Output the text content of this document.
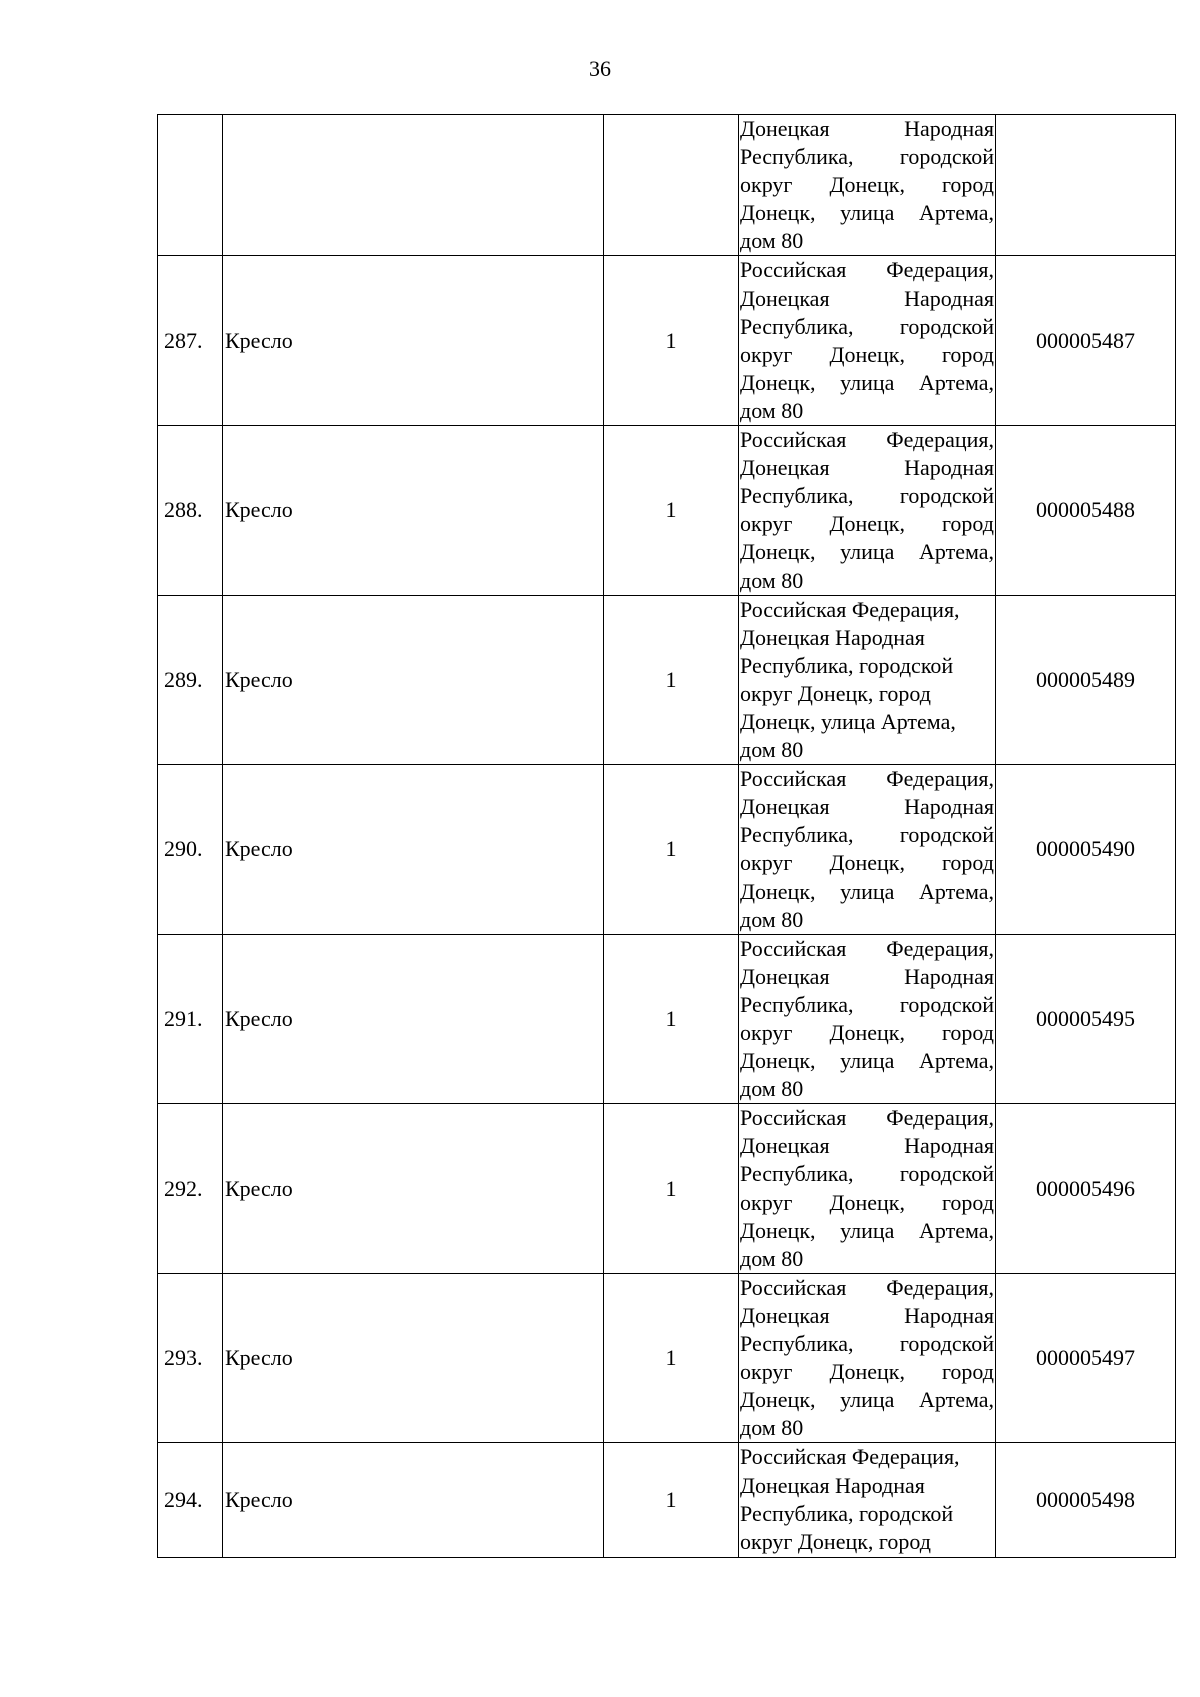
36

			Донецкая Народная Республика, городской округ Донецк, город Донецк, улица Артема, дом 80	

287.	Кресло	1	Российская Федерация, Донецкая Народная Республика, городской округ Донецк, город Донецк, улица Артема, дом 80	000005487
288.	Кресло	1	Российская Федерация, Донецкая Народная Республика, городской округ Донецк, город Донецк, улица Артема, дом 80	000005488
289.	Кресло	1	Российская Федерация, Донецкая Народная Республика, городской округ Донецк, город Донецк, улица Артема, дом 80	000005489
290.	Кресло	1	Российская Федерация, Донецкая Народная Республика, городской округ Донецк, город Донецк, улица Артема, дом 80	000005490
291.	Кресло	1	Российская Федерация, Донецкая Народная Республика, городской округ Донецк, город Донецк, улица Артема, дом 80	000005495
292.	Кресло	1	Российская Федерация, Донецкая Народная Республика, городской округ Донецк, город Донецк, улица Артема, дом 80	000005496
293.	Кресло	1	Российская Федерация, Донецкая Народная Республика, городской округ Донецк, город Донецк, улица Артема, дом 80	000005497
294.	Кресло	1	Российская Федерация, Донецкая Народная Республика, городской округ Донецк, город	000005498
